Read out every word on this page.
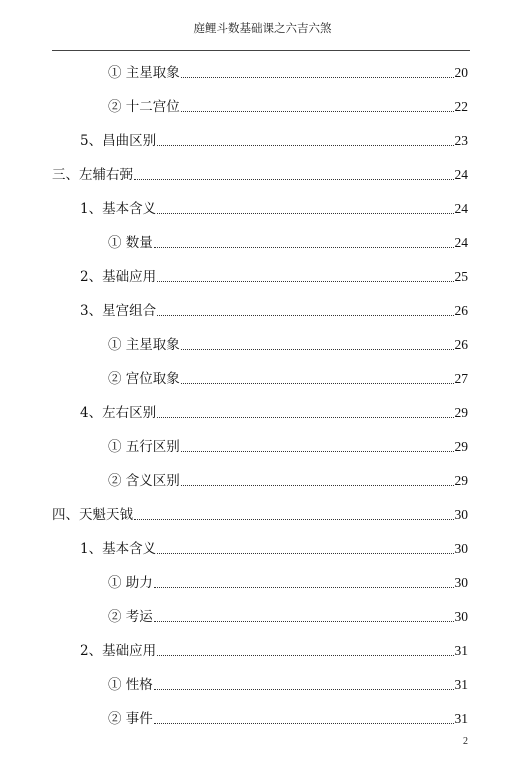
庭鲤斗数基础课之六吉六煞
① 主星取象	20
② 十二宫位	22
5、昌曲区别	23
三、左辅右弼	24
1、基本含义	24
① 数量	24
2、基础应用	25
3、星宫组合	26
① 主星取象	26
② 宫位取象	27
4、左右区别	29
① 五行区别	29
② 含义区别	29
四、天魁天钺	30
1、基本含义	30
① 助力	30
② 考运	30
2、基础应用	31
① 性格	31
② 事件	31
2
